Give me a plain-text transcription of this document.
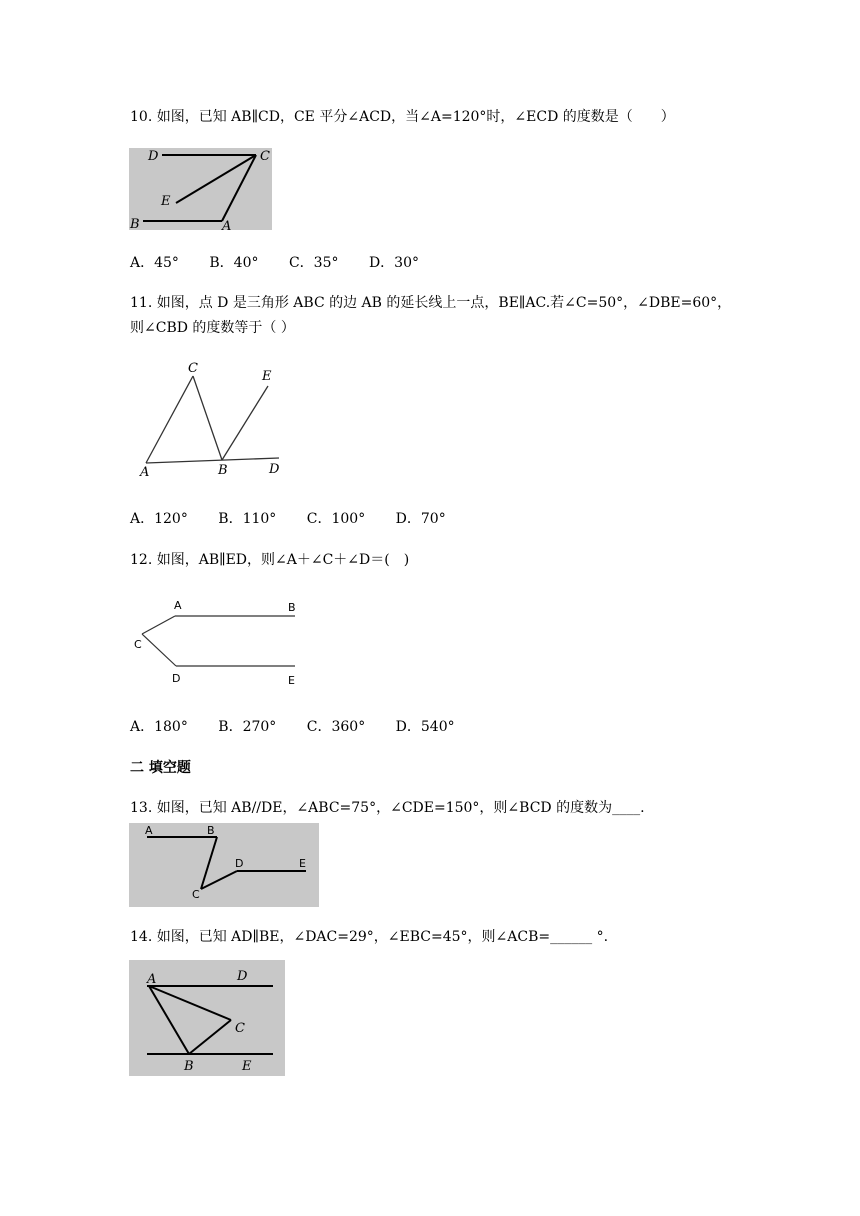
10. 如图，已知 AB∥CD，CE 平分∠ACD，当∠A=120°时，∠ECD 的度数是（　　）
D	C
E
B	A
A．45° B．40° C．35° D．30°
11. 如图，点 D 是三角形 ABC 的边 AB 的延长线上一点，BE∥AC.若∠C=50°，∠DBE=60°，
则∠CBD 的度数等于（ ）
C
E
A	B	D
A．120° B．110° C．100° D．70°
12. 如图，AB∥ED，则∠A＋∠C＋∠D＝(　)
A	B
C
D	E
A．180° B．270° C．360° D．540°
二 填空题
13. 如图，已知 AB//DE，∠ABC=75°，∠CDE=150°，则∠BCD 的度数为____.
A	B
D	E
C
14. 如图，已知 AD∥BE，∠DAC=29°，∠EBC=45°，则∠ACB=______ °.
A	D
C
B	E
